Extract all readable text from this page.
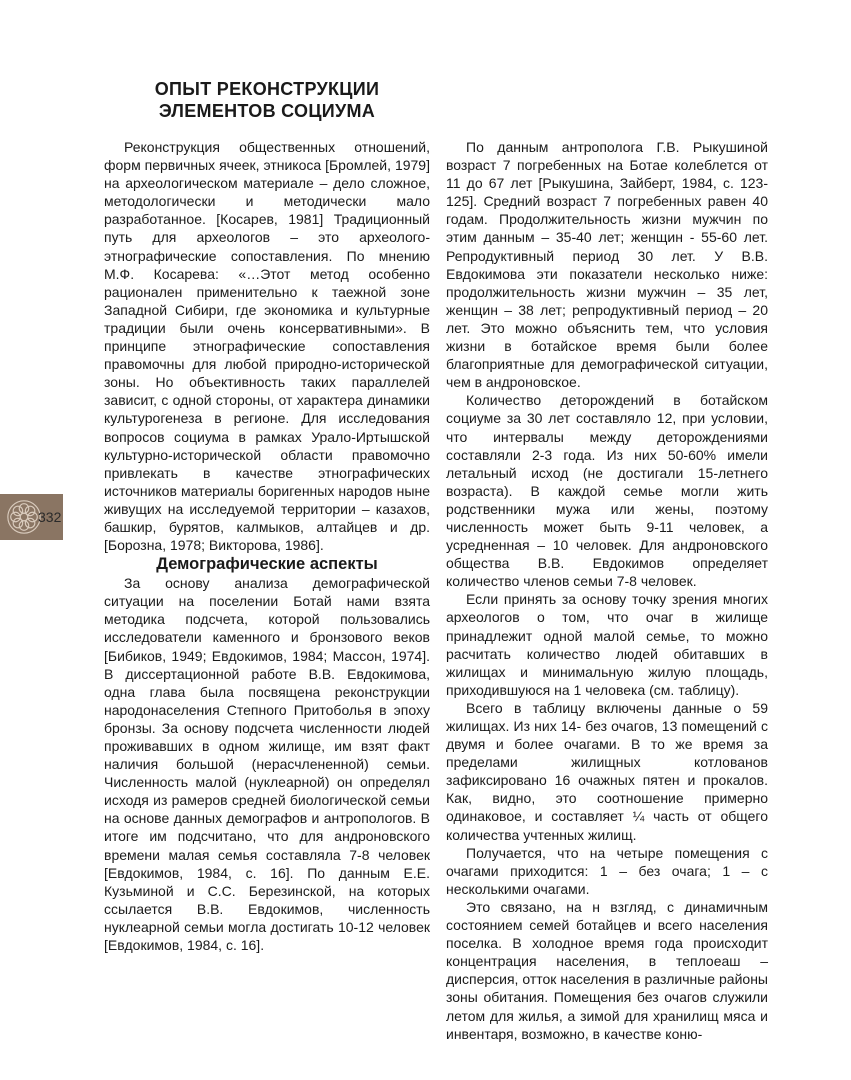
ОПЫТ РЕКОНСТРУКЦИИ
ЭЛЕМЕНТОВ СОЦИУМА

Реконструкция общественных отношений, форм первичных ячеек, этникоса [Бромлей, 1979] на археологическом материале – дело сложное, методологически и методически мало разработанное. [Косарев, 1981] Традиционный путь для археологов – это археолого-этнографические сопоставления. По мнению М.Ф. Косарева: «…Этот метод особенно рационален применительно к таежной зоне Западной Сибири, где экономика и культурные традиции были очень консервативными». В принципе этнографические сопоставления правомочны для любой природно-исторической зоны. Но объективность таких параллелей зависит, с одной стороны, от характера динамики культурогенеза в регионе. Для исследования вопросов социума в рамках Урало-Иртышской культурно-исторической области правомочно привлекать в качестве этнографических источников материалы боригенных народов ныне живущих на исследуемой территории – казахов, башкир, бурятов, калмыков, алтайцев и др. [Борозна, 1978; Викторова, 1986].

Демографические аспекты

За основу анализа демографической ситуации на поселении Ботай нами взята методика подсчета, которой пользовались исследователи каменного и бронзового веков [Бибиков, 1949; Евдокимов, 1984; Массон, 1974]. В диссертационной работе В.В. Евдокимова, одна глава была посвящена реконструкции народонаселения Степного Притоболья в эпоху бронзы. За основу подсчета численности людей проживавших в одном жилище, им взят факт наличия большой (нерасчлененной) семьи. Численность малой (нуклеарной) он определял исходя из рамеров средней биологической семьи на основе данных демографов и антропологов. В итоге им подсчитано, что для андроновского времени малая семья составляла 7-8 человек [Евдокимов, 1984, с. 16]. По данным Е.Е. Кузьминой и С.С. Березинской, на которых ссылается В.В. Евдокимов, численность нуклеарной семьи могла достигать 10-12 человек [Евдокимов, 1984, с. 16].

По данным антрополога Г.В. Рыкушиной возраст 7 погребенных на Ботае колеблется от 11 до 67 лет [Рыкушина, Зайберт, 1984, с. 123-125]. Средний возраст 7 погребенных равен 40 годам. Продолжительность жизни мужчин по этим данным – 35-40 лет; женщин - 55-60 лет. Репродуктивный период 30 лет. У В.В. Евдокимова эти показатели несколько ниже: продолжительность жизни мужчин – 35 лет, женщин – 38 лет; репродуктивный период – 20 лет. Это можно объяснить тем, что условия жизни в ботайское время были более благоприятные для демографической ситуации, чем в андроновское.

Количество деторождений в ботайском социуме за 30 лет составляло 12, при условии, что интервалы между деторождениями составляли 2-3 года. Из них 50-60% имели летальный исход (не достигали 15-летнего возраста). В каждой семье могли жить родственники мужа или жены, поэтому численность может быть 9-11 человек, а усредненная – 10 человек. Для андроновского общества В.В. Евдокимов определяет количество членов семьи 7-8 человек.

Если принять за основу точку зрения многих археологов о том, что очаг в жилище принадлежит одной малой семье, то можно расчитать количество людей обитавших в жилищах и минимальную жилую площадь, приходившуюся на 1 человека (см. таблицу).

Всего в таблицу включены данные о 59 жилищах. Из них 14- без очагов, 13 помещений с двумя и более очагами. В то же время за пределами жилищных котлованов зафиксировано 16 очажных пятен и прокалов. Как, видно, это соотношение примерно одинаковое, и составляет ¼ часть от общего количества учтенных жилищ.

Получается, что на четыре помещения с очагами приходится: 1 – без очага; 1 – с несколькими очагами.

Это связано, на н взгляд, с динамичным состоянием семей ботайцев и всего населения поселка. В холодное время года происходит концентрация населения, в теплоеаш – дисперсия, отток населения в различные районы зоны обитания. Помещения без очагов служили летом для жилья, а зимой для хранилищ мяса и инвентаря, возможно, в качестве коню-

332
